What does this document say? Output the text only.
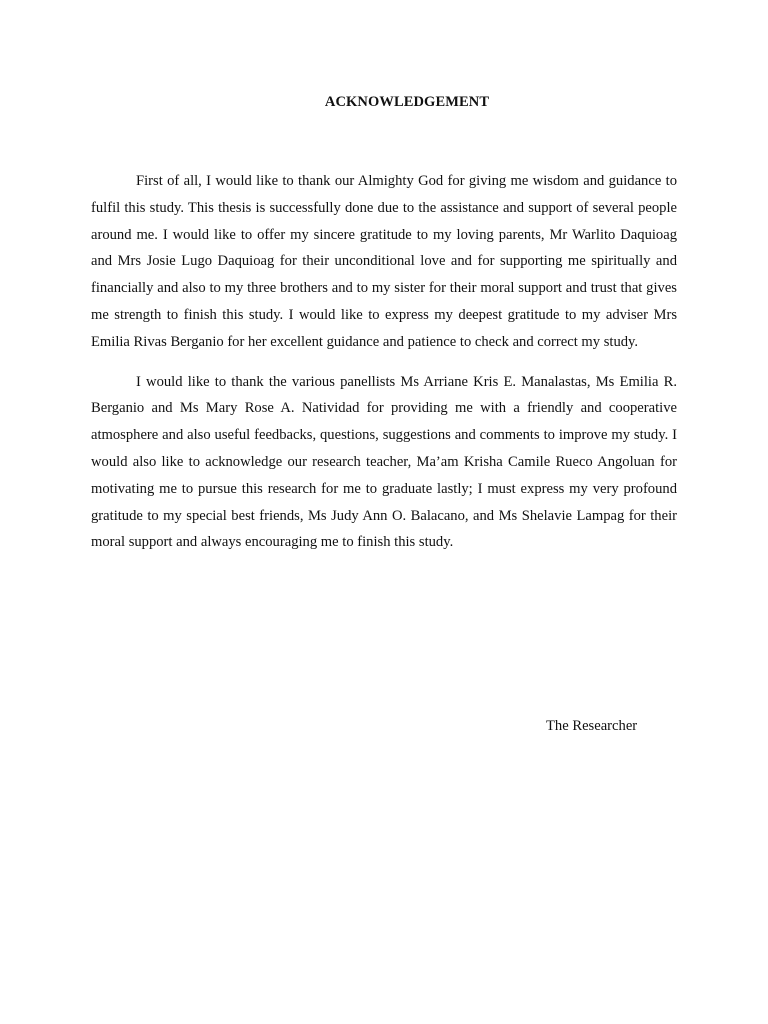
ACKNOWLEDGEMENT

First of all, I would like to thank our Almighty God for giving me wisdom and guidance to fulfil this study. This thesis is successfully done due to the assistance and support of several people around me. I would like to offer my sincere gratitude to my loving parents, Mr Warlito Daquioag and Mrs Josie Lugo Daquioag for their unconditional love and for supporting me spiritually and financially and also to my three brothers and to my sister for their moral support and trust that gives me strength to finish this study. I would like to express my deepest gratitude to my adviser Mrs Emilia Rivas Berganio for her excellent guidance and patience to check and correct my study.

I would like to thank the various panellists Ms Arriane Kris E. Manalastas, Ms Emilia R. Berganio and Ms Mary Rose A. Natividad for providing me with a friendly and cooperative atmosphere and also useful feedbacks, questions, suggestions and comments to improve my study. I would also like to acknowledge our research teacher, Ma’am Krisha Camile Rueco Angoluan for motivating me to pursue this research for me to graduate lastly; I must express my very profound gratitude to my special best friends, Ms Judy Ann O. Balacano, and Ms Shelavie Lampag for their moral support and always encouraging me to finish this study.

The Researcher
